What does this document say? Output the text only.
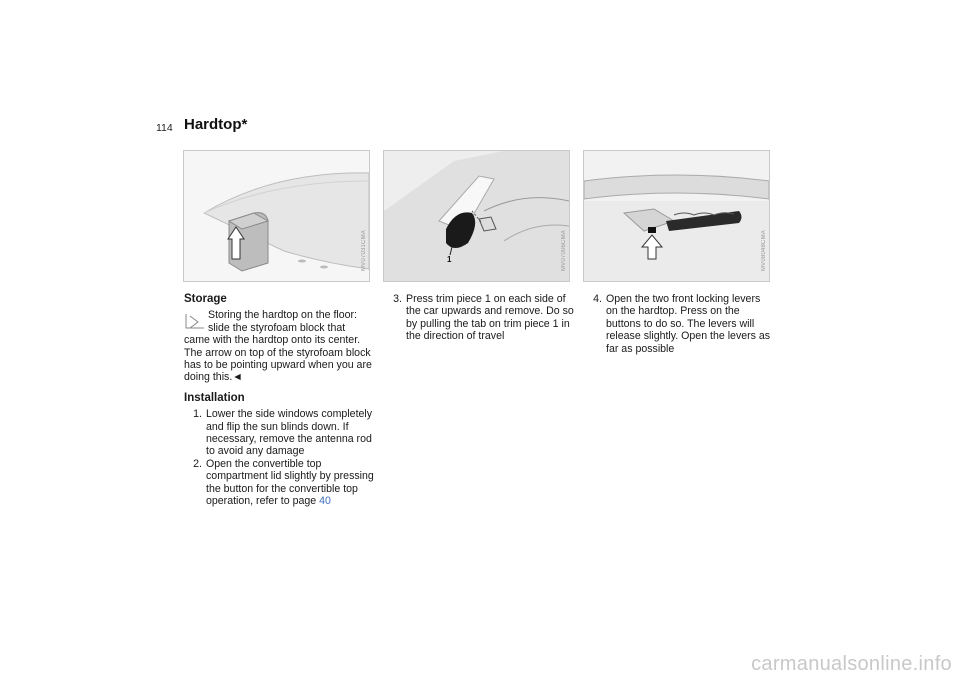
114 Hardtop*
MV07031CMA	1	MV07006CMA	MV08048CMA
Storage
Storing the hardtop on the floor: slide the styrofoam block that
came with the hardtop onto its center. The arrow on top of the styrofoam block has to be pointing upward when you are doing this.◄
Installation
1. Lower the side windows completely and flip the sun blinds down. If necessary, remove the antenna rod to avoid any damage
2. Open the convertible top compartment lid slightly by pressing the button for the convertible top operation, refer to page 40
3. Press trim piece 1 on each side of the car upwards and remove. Do so by pulling the tab on trim piece 1 in the direction of travel
4. Open the two front locking levers on the hardtop. Press on the buttons to do so. The levers will release slightly. Open the levers as far as possible
carmanualsonline.info
